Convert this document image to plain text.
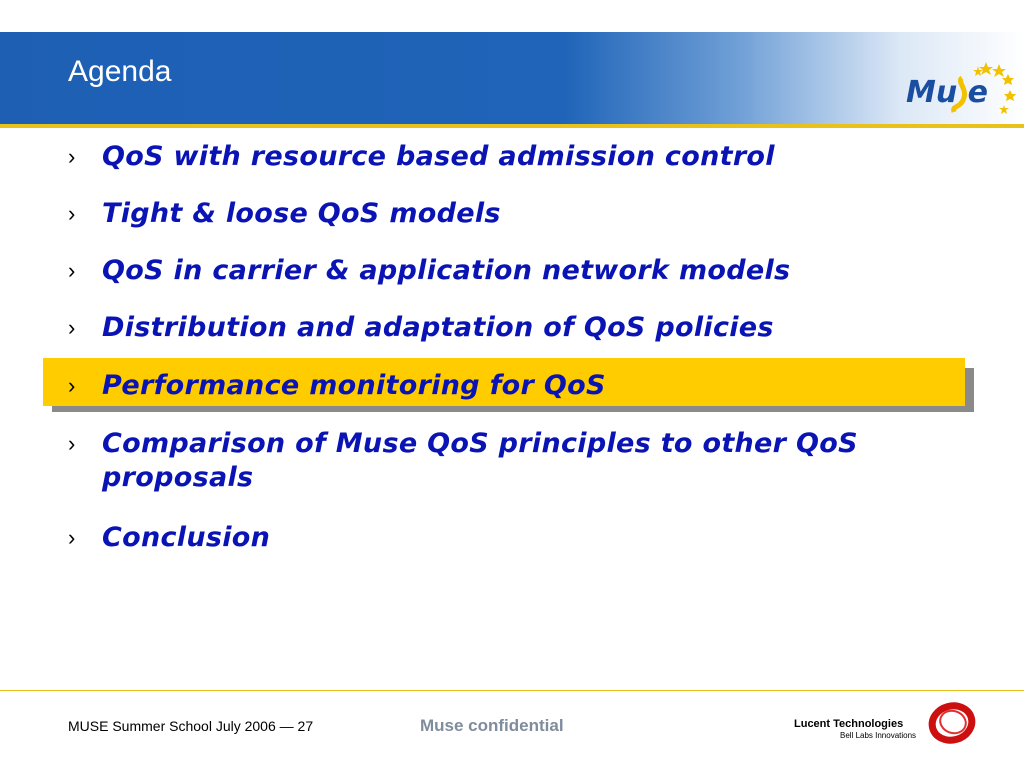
Agenda
Mu e
› QoS with resource based admission control
› Tight & loose QoS models
› QoS in carrier & application network models
› Distribution and adaptation of QoS policies
› Performance monitoring for QoS
› Comparison of Muse QoS principles to other QoS proposals
› Conclusion
MUSE Summer School July 2006 — 27	Muse confidential	Lucent Technologies
Bell Labs Innovations
